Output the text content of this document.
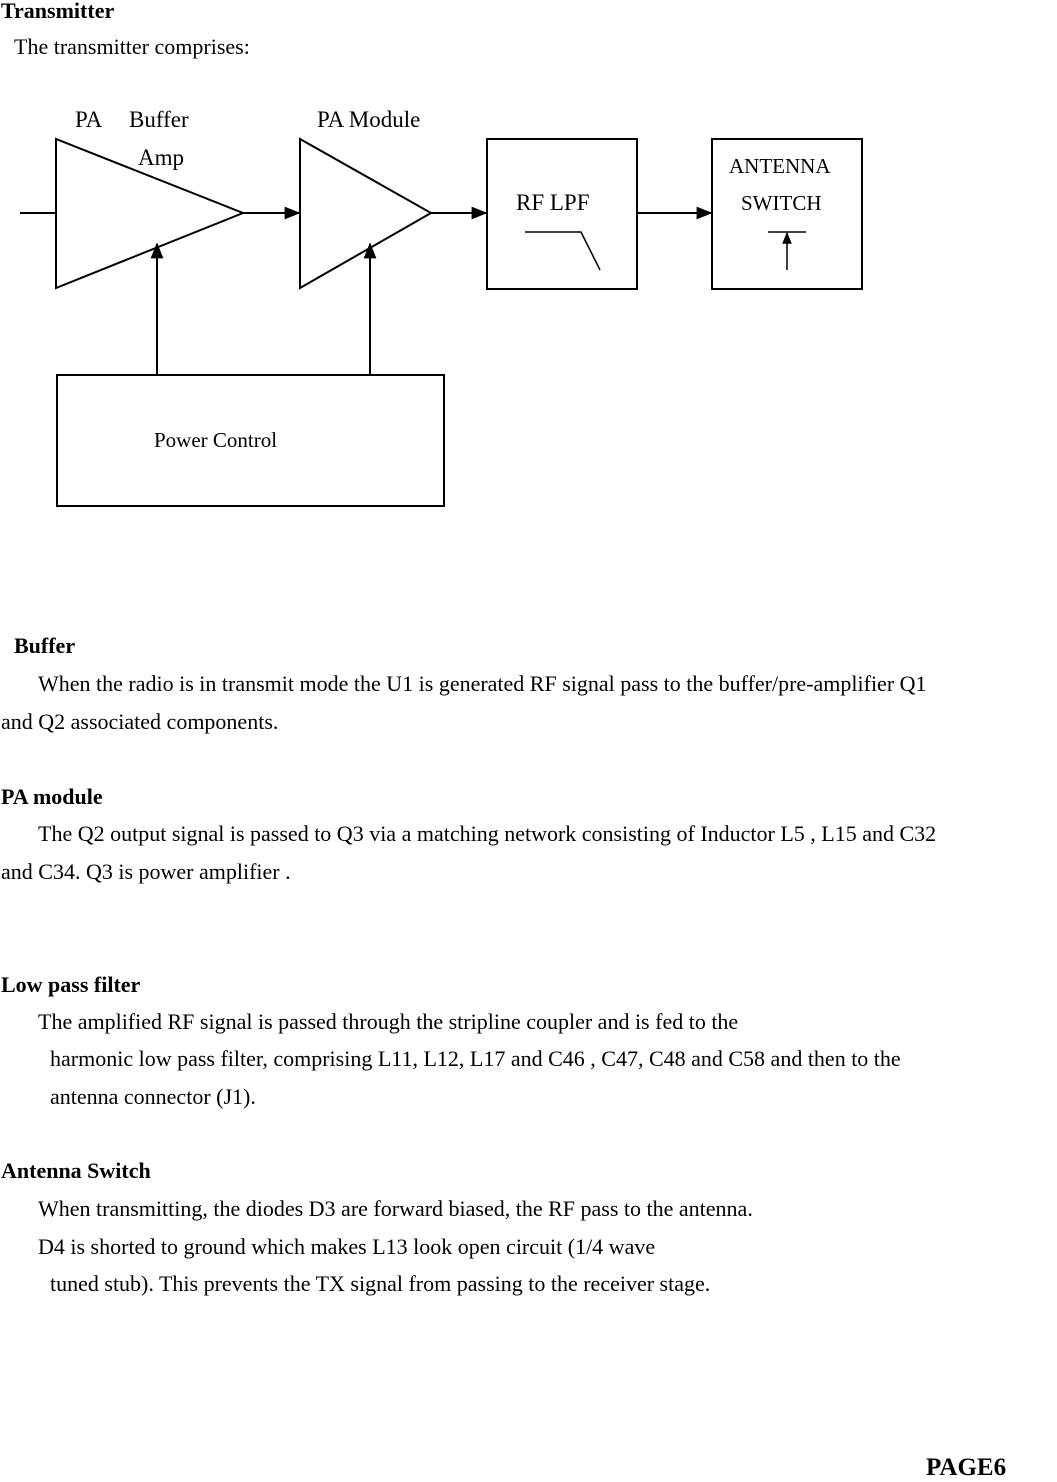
Transmitter
The transmitter comprises:
PA Buffer
Amp
PA Module
RF LPF
ANTENNA
SWITCH
Power Control
Buffer
When the radio is in transmit mode the U1 is generated RF signal pass to the buffer/pre-amplifier Q1
and Q2 associated components.
PA module
The Q2 output signal is passed to Q3 via a matching network consisting of Inductor L5 , L15 and C32
and C34. Q3 is power amplifier .
Low pass filter
The amplified RF signal is passed through the stripline coupler and is fed to the
harmonic low pass filter, comprising L11, L12, L17 and C46 , C47, C48 and C58 and then to the
antenna connector (J1).
Antenna Switch
When transmitting, the diodes D3 are forward biased, the RF pass to the antenna.
D4 is shorted to ground which makes L13 look open circuit (1/4 wave
tuned stub). This prevents the TX signal from passing to the receiver stage.
PAGE6
